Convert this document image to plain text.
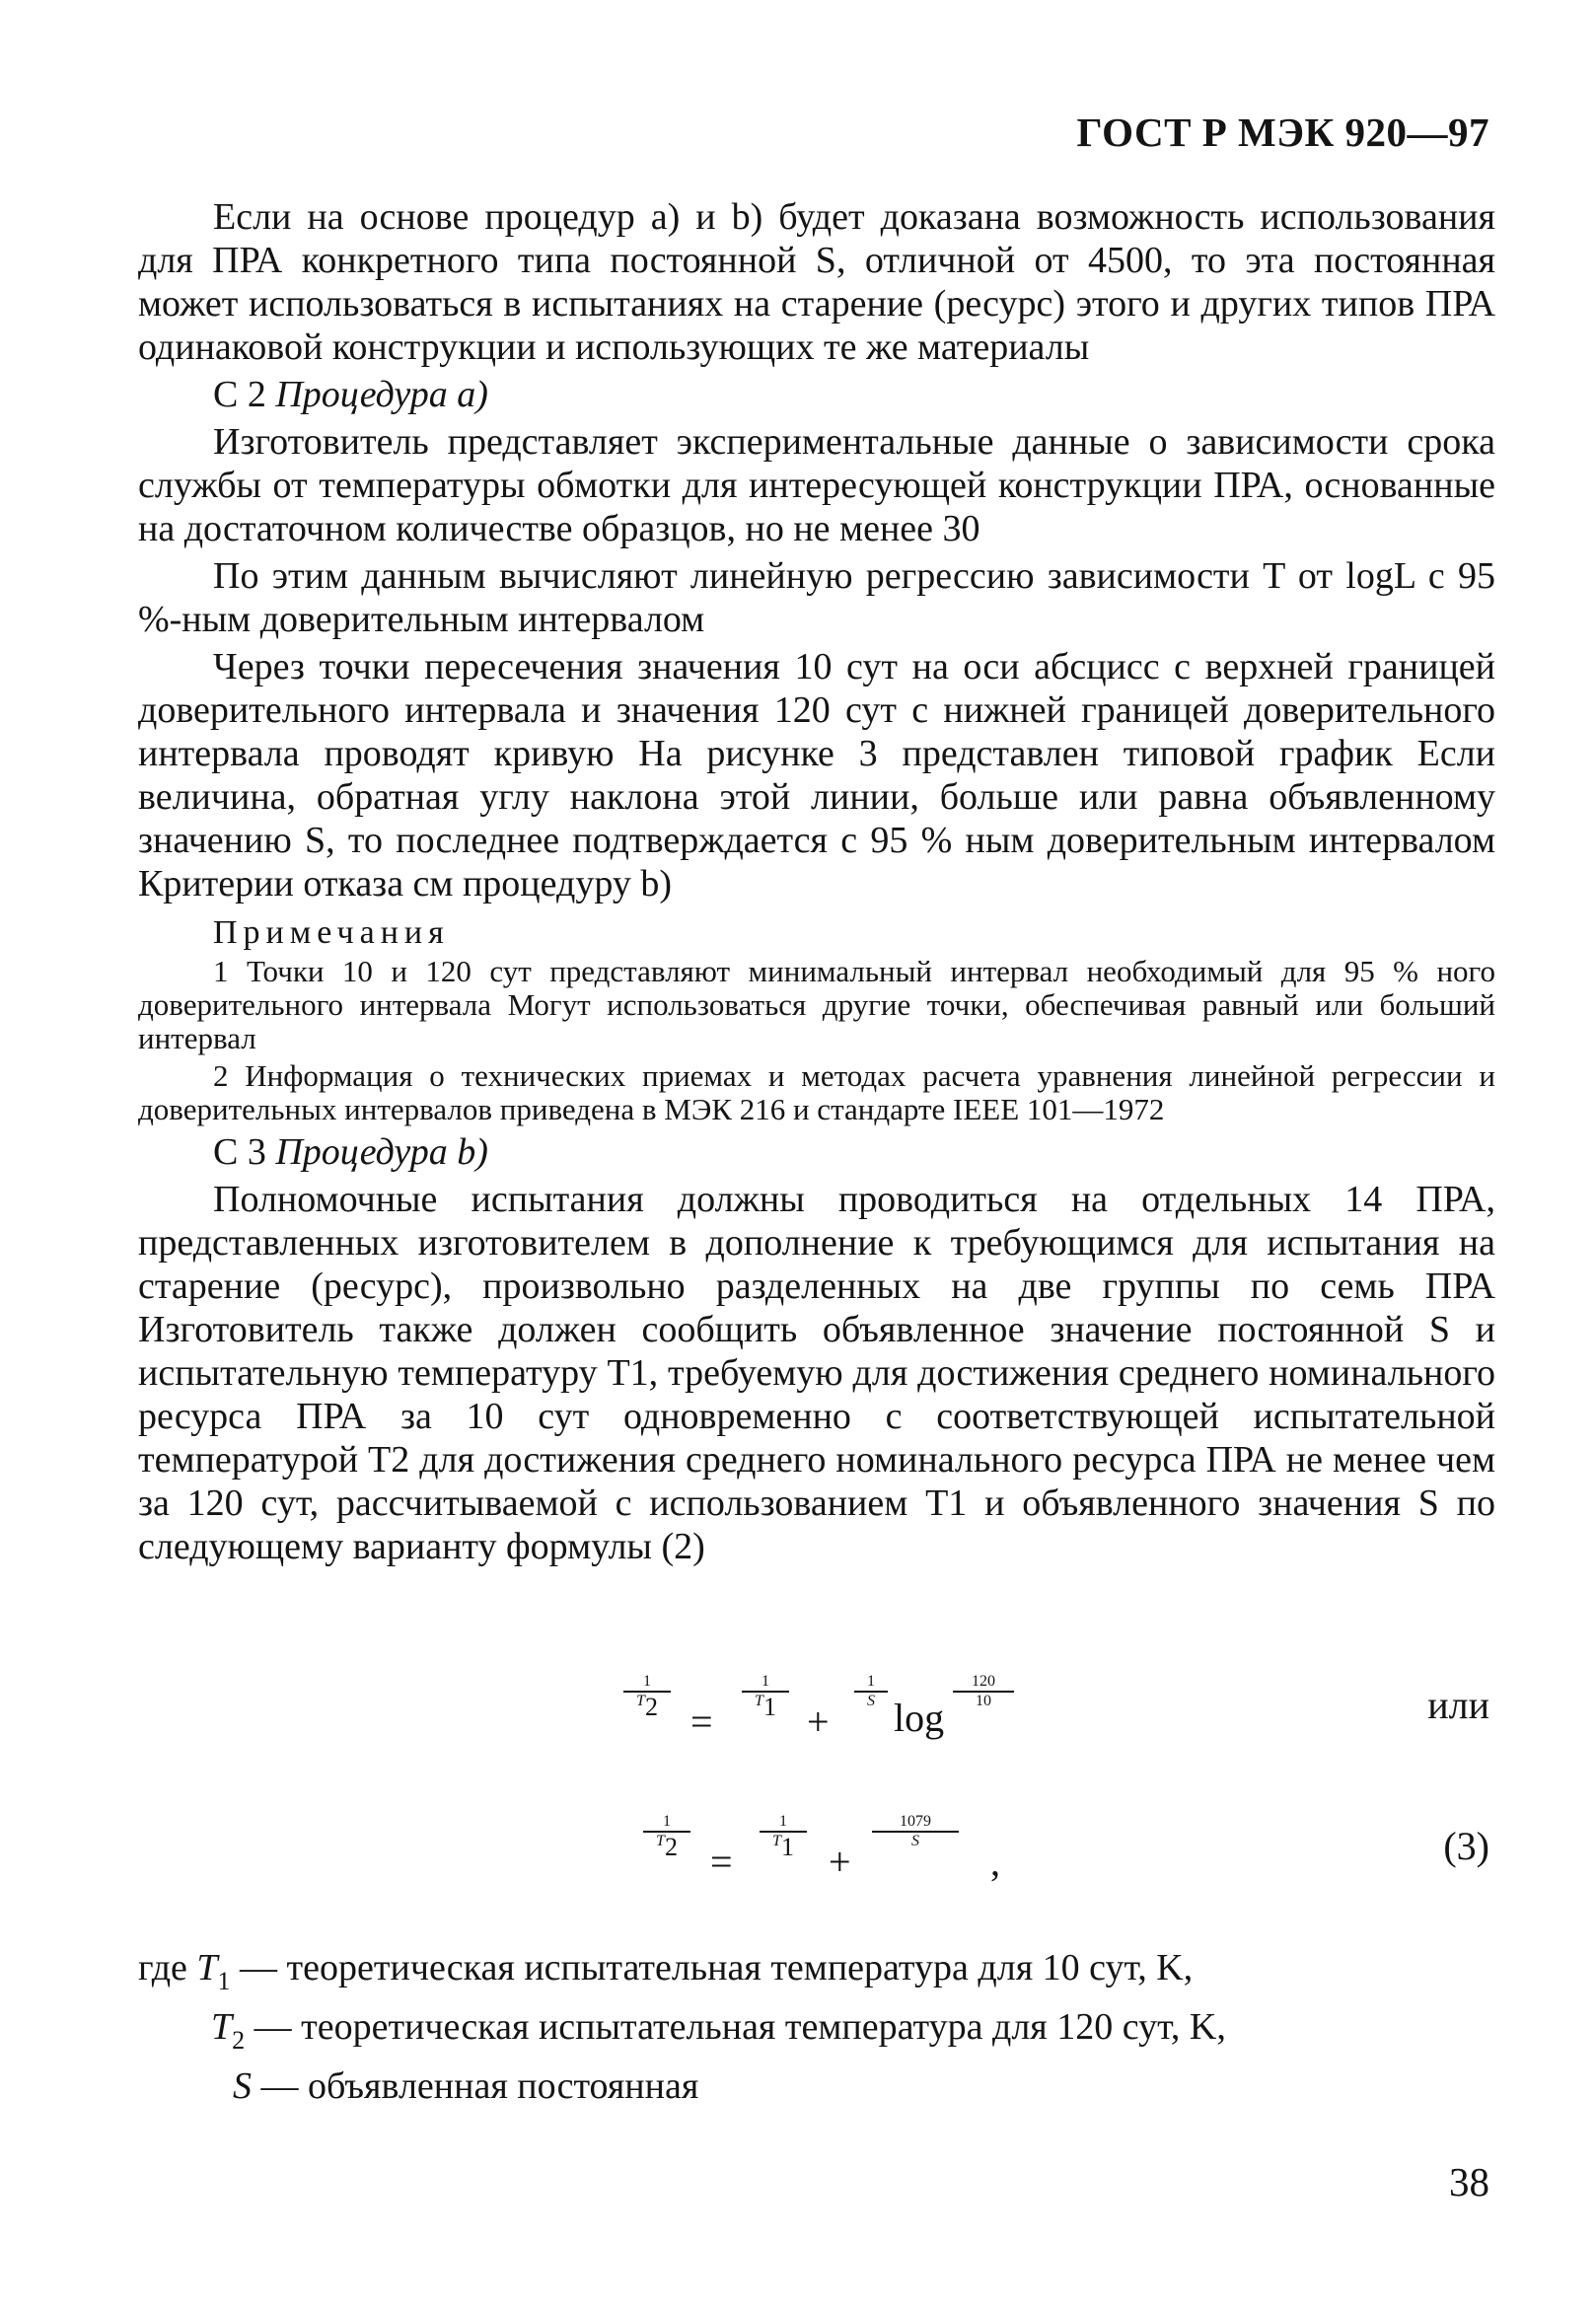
ГОСТ Р МЭК 920—97

Если на основе процедур a) и b) будет доказана возможность использования для ПРА конкретного типа постоянной S, отличной от 4500, то эта постоянная может использоваться в испытаниях на старение (ресурс) этого и других типов ПРА одинаковой конструкции и использующих те же материалы

C 2 Процедура a)

Изготовитель представляет экспериментальные данные о зависимости срока службы от температуры обмотки для интересующей конструкции ПРА, основанные на достаточном количестве образцов, но не менее 30

По этим данным вычисляют линейную регрессию зависимости T от logL с 95 %-ным доверительным интервалом

Через точки пересечения значения 10 сут на оси абсцисс с верхней границей доверительного интервала и значения 120 сут с нижней границей доверительного интервала проводят кривую На рисунке 3 представлен типовой график Если величина, обратная углу наклона этой линии, больше или равна объявленному значению S, то последнее подтверждается с 95 % ным доверительным интервалом Критерии отказа см процедуру b)

Примечания

1 Точки 10 и 120 сут представляют минимальный интервал необходимый для 95 % ного доверительного интервала Могут использоваться другие точки, обеспечивая равный или больший интервал

2 Информация о технических приемах и методах расчета уравнения линейной регрессии и доверительных интервалов приведена в МЭК 216 и стандарте IEEE 101—1972

C 3 Процедура b)

Полномочные испытания должны проводиться на отдельных 14 ПРА, представленных изготовителем в дополнение к требующимся для испытания на старение (ресурс), произвольно разделенных на две группы по семь ПРА Изготовитель также должен сообщить объявленное значение постоянной S и испытательную температуру T1, требуемую для достижения среднего номинального ресурса ПРА за 10 сут одновременно с соответствующей испытательной температурой T2 для достижения среднего номинального ресурса ПРА не менее чем за 120 сут, рассчитываемой с использованием T1 и объявленного значения S по следующему варианту формулы (2)

1
T2 =
1
T1 +
1
S log
120
10	или
1
T2 =
1
T1 +
1079
S	,	(3)
где $T_1$ — теоретическая испытательная температура для 10 сут, K,
$T_2$ — теоретическая испытательная температура для 120 сут, K,
S — объявленная постоянная
38
